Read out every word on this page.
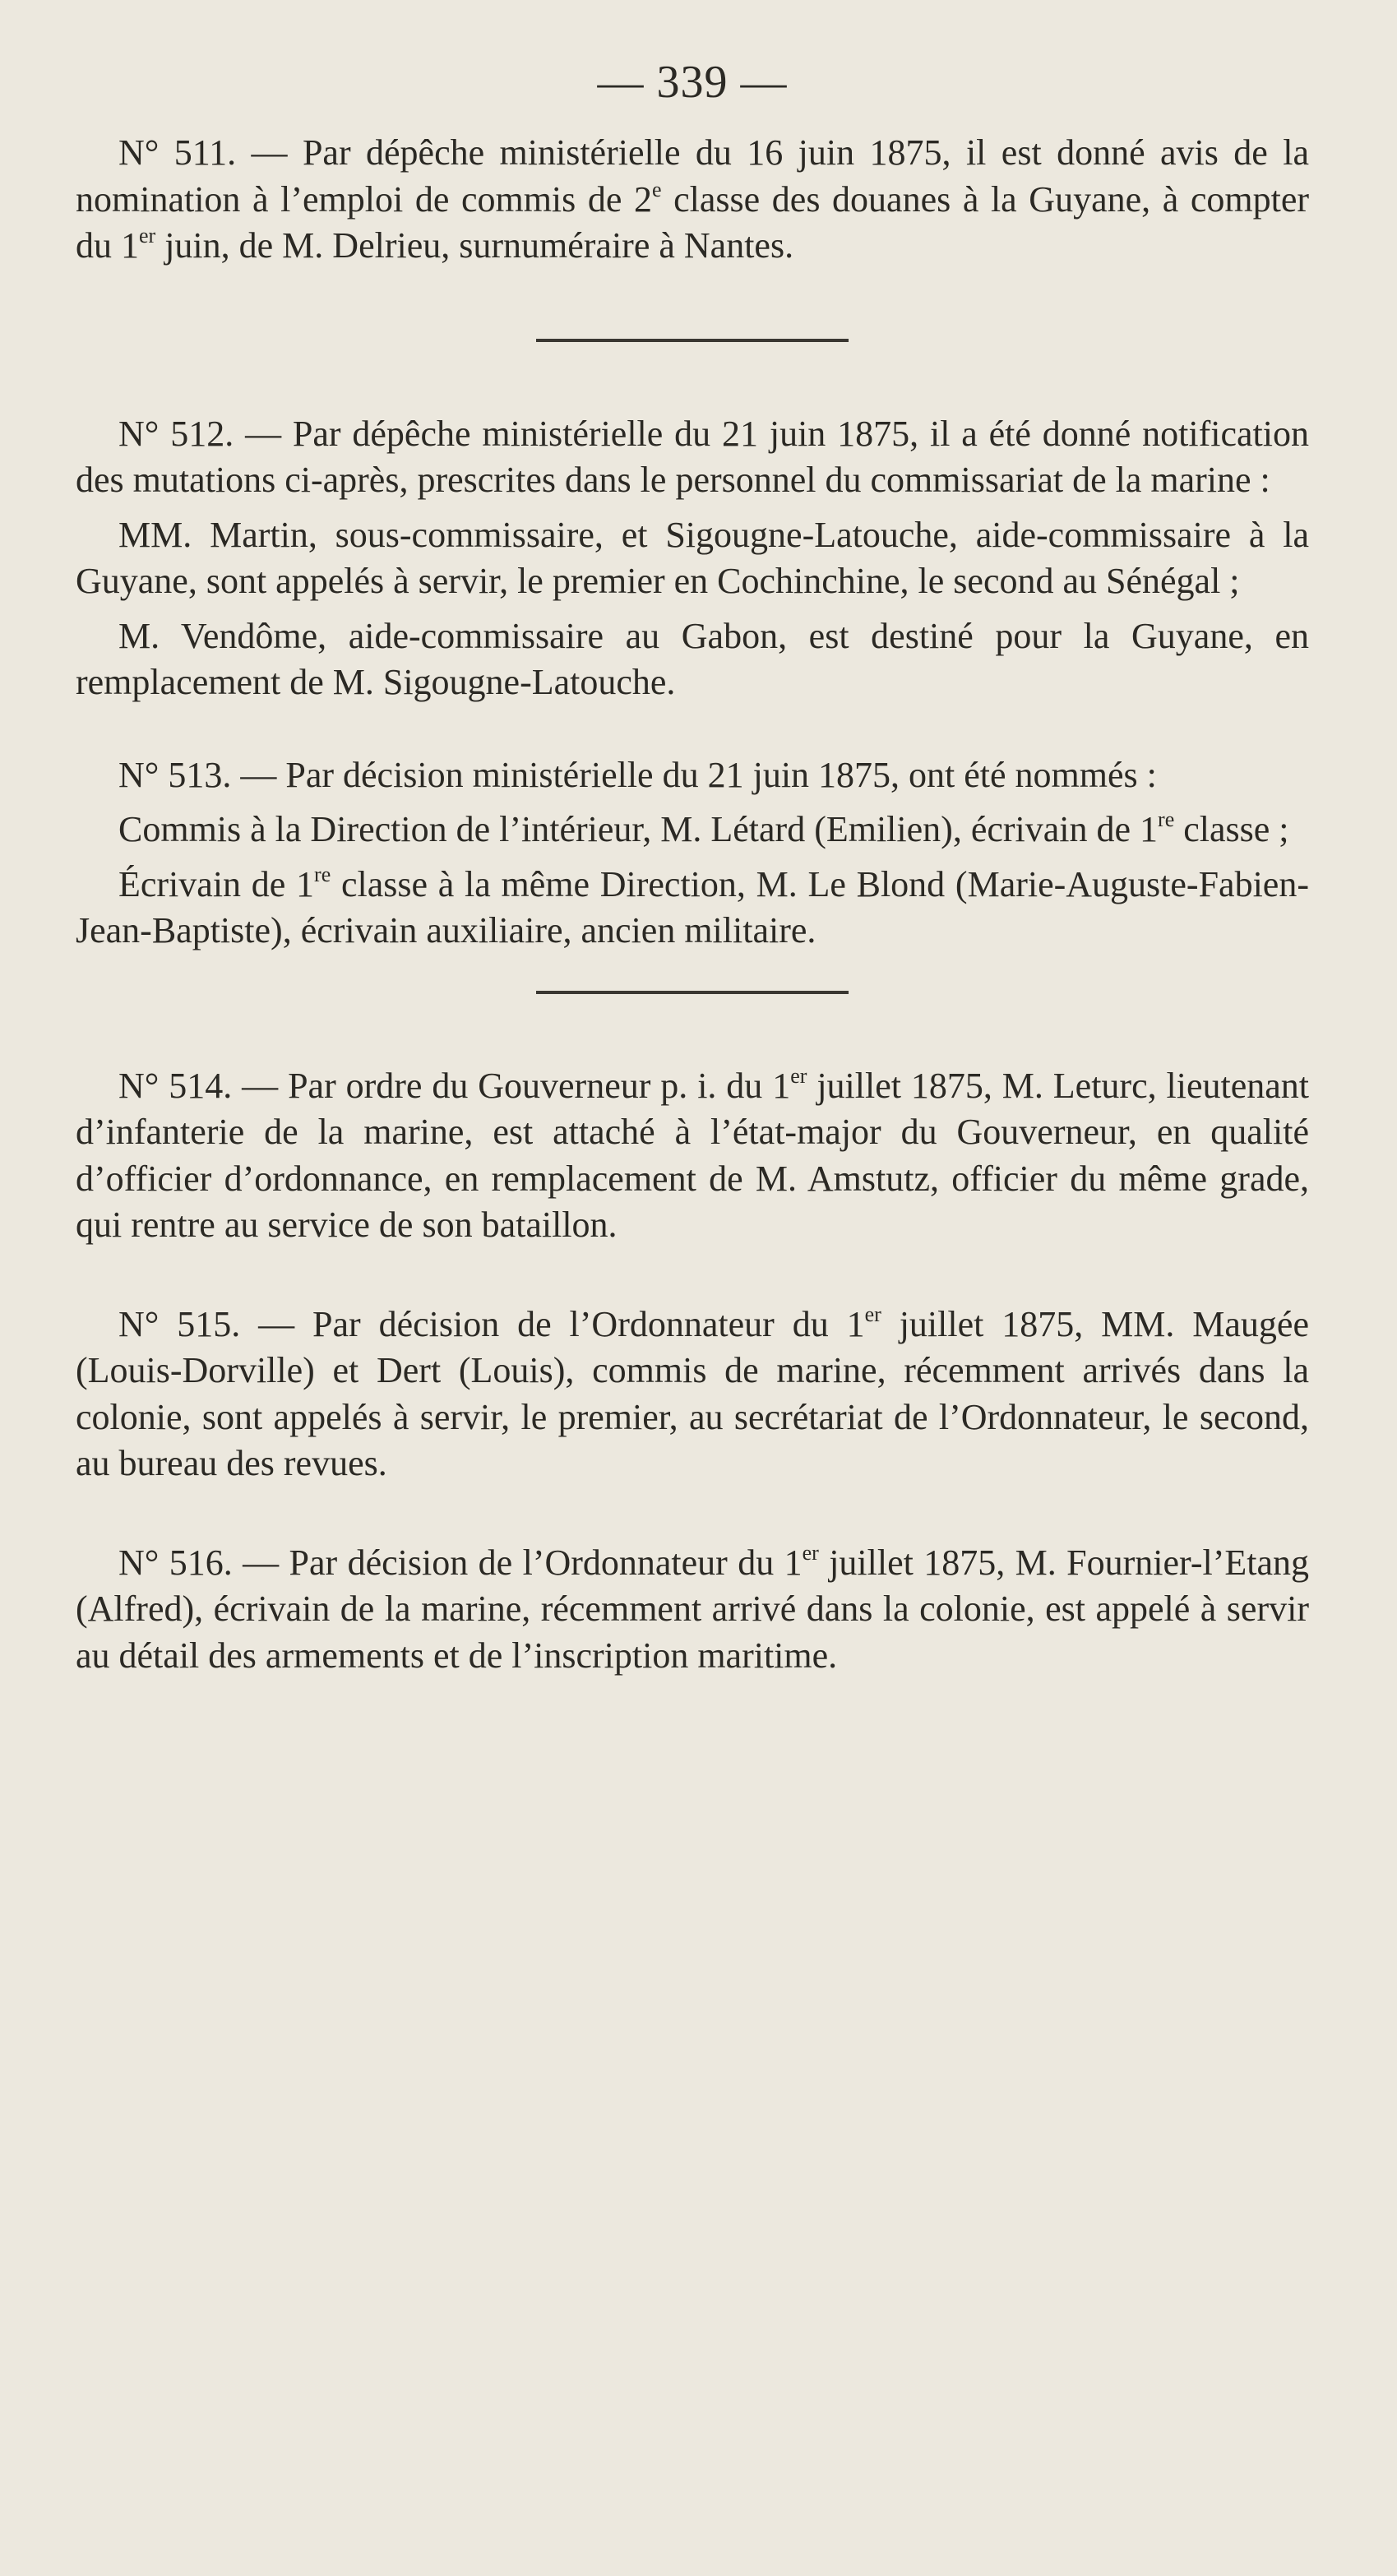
— 339 —

N° 511. — Par dépêche ministérielle du 16 juin 1875, il est donné avis de la nomination à l’emploi de commis de 2e classe des douanes à la Guyane, à compter du 1er juin, de M. Delrieu, surnuméraire à Nantes.

N° 512. — Par dépêche ministérielle du 21 juin 1875, il a été donné notification des mutations ci-après, prescrites dans le personnel du commissariat de la marine :

MM. Martin, sous-commissaire, et Sigougne-Latouche, aide-commissaire à la Guyane, sont appelés à servir, le premier en Cochinchine, le second au Sénégal ;

M. Vendôme, aide-commissaire au Gabon, est destiné pour la Guyane, en remplacement de M. Sigougne-Latouche.

N° 513. — Par décision ministérielle du 21 juin 1875, ont été nommés :

Commis à la Direction de l’intérieur, M. Létard (Emilien), écrivain de 1re classe ;

Écrivain de 1re classe à la même Direction, M. Le Blond (Marie-Auguste-Fabien-Jean-Baptiste), écrivain auxiliaire, ancien militaire.

N° 514. — Par ordre du Gouverneur p. i. du 1er juillet 1875, M. Leturc, lieutenant d’infanterie de la marine, est attaché à l’état-major du Gouverneur, en qualité d’officier d’ordonnance, en remplacement de M. Amstutz, officier du même grade, qui rentre au service de son bataillon.

N° 515. — Par décision de l’Ordonnateur du 1er juillet 1875, MM. Maugée (Louis-Dorville) et Dert (Louis), commis de marine, récemment arrivés dans la colonie, sont appelés à servir, le premier, au secrétariat de l’Ordonnateur, le second, au bureau des revues.

N° 516. — Par décision de l’Ordonnateur du 1er juillet 1875, M. Fournier-l’Etang (Alfred), écrivain de la marine, récemment arrivé dans la colonie, est appelé à servir au détail des armements et de l’inscription maritime.
